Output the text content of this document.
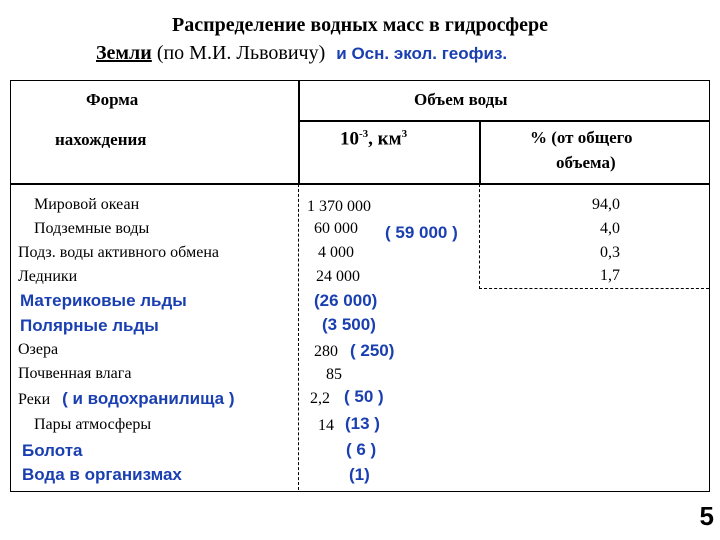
Распределение водных масс в гидросфере
Земли (по М.И. Львовичу) и Осн. экол. геофиз.
Форма
нахождения
Объем воды
$10^{-3}$, $км^3$	% (от общего
объема)
Мировой океан
Подземные воды
Подз. воды активного обмена
Ледники
Материковые льды
Полярные льды
Озера
Почвенная влага
Реки ( и водохранилища )
Пары атмосферы
Болота
Вода в организмах
1 370 000
60 000 ( 59 000 )
4 000
24 000
(26 000)
(3 500)
280 ( 250)
85
2,2 ( 50 )
14 (13 )
( 6 )
(1)
94,0
4,0
0,3
1,7
5
